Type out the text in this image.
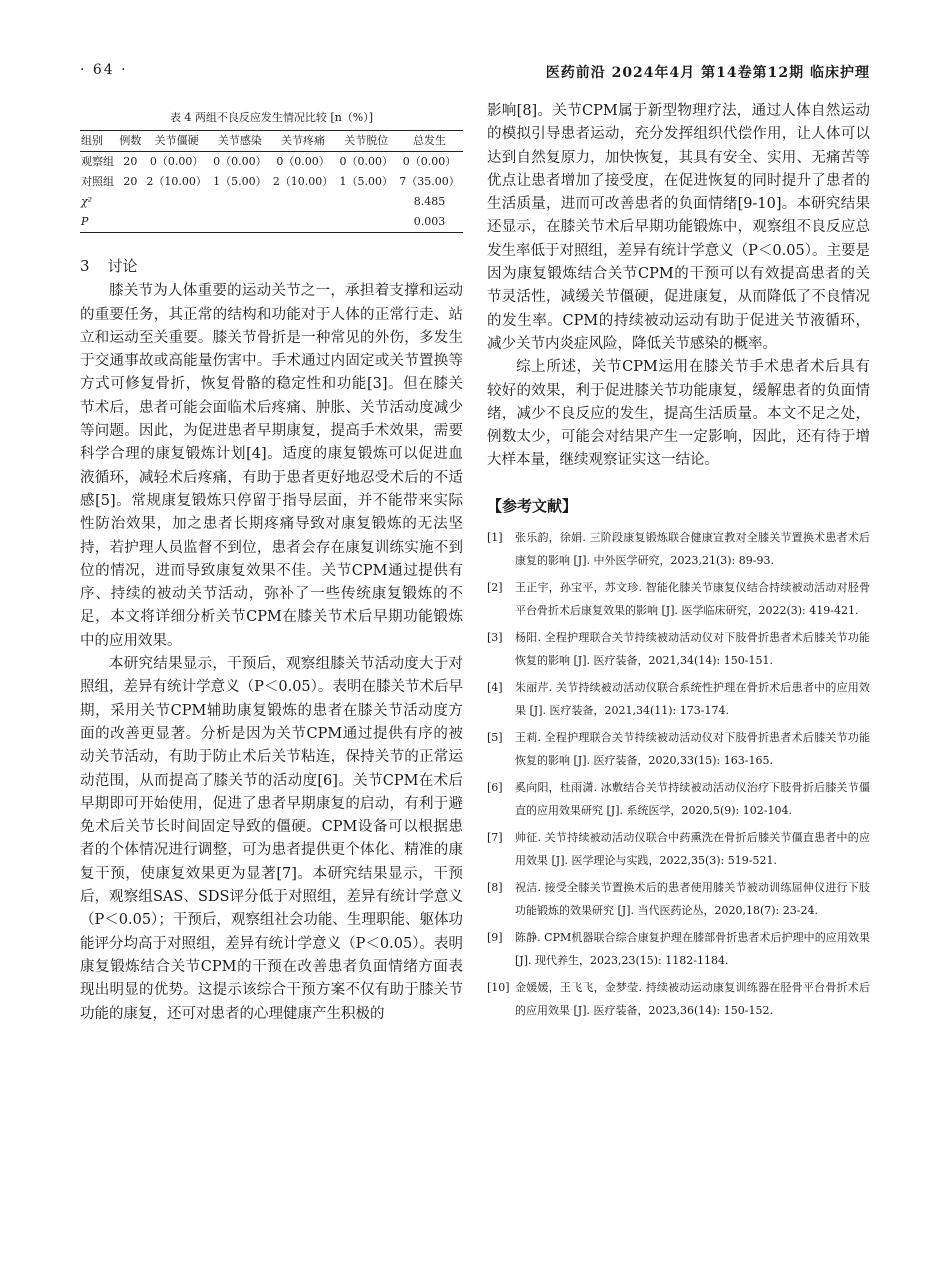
· 64 ·	医药前沿 2024年4月 第14卷第12期 临床护理
表 4 两组不良反应发生情况比较 [n（%）]
组别	例数	关节僵硬	关节感染	关节疼痛	关节脱位	总发生
观察组	20	0（0.00）	0（0.00）	0（0.00）	0（0.00）	0（0.00）
对照组	20	2（10.00）	1（5.00）	2（10.00）	1（5.00）	7（35.00）
χ²						8.485
P						0.003
3 讨论

膝关节为人体重要的运动关节之一，承担着支撑和运动的重要任务，其正常的结构和功能对于人体的正常行走、站立和运动至关重要。膝关节骨折是一种常见的外伤，多发生于交通事故或高能量伤害中。手术通过内固定或关节置换等方式可修复骨折，恢复骨骼的稳定性和功能[3]。但在膝关节术后，患者可能会面临术后疼痛、肿胀、关节活动度减少等问题。因此，为促进患者早期康复，提高手术效果，需要科学合理的康复锻炼计划[4]。适度的康复锻炼可以促进血液循环，减轻术后疼痛，有助于患者更好地忍受术后的不适感[5]。常规康复锻炼只停留于指导层面，并不能带来实际性防治效果，加之患者长期疼痛导致对康复锻炼的无法坚持，若护理人员监督不到位，患者会存在康复训练实施不到位的情况，进而导致康复效果不佳。关节CPM通过提供有序、持续的被动关节活动，弥补了一些传统康复锻炼的不足，本文将详细分析关节CPM在膝关节术后早期功能锻炼中的应用效果。

本研究结果显示，干预后，观察组膝关节活动度大于对照组，差异有统计学意义（P＜0.05）。表明在膝关节术后早期，采用关节CPM辅助康复锻炼的患者在膝关节活动度方面的改善更显著。分析是因为关节CPM通过提供有序的被动关节活动，有助于防止术后关节粘连，保持关节的正常运动范围，从而提高了膝关节的活动度[6]。关节CPM在术后早期即可开始使用，促进了患者早期康复的启动，有利于避免术后关节长时间固定导致的僵硬。CPM设备可以根据患者的个体情况进行调整，可为患者提供更个体化、精准的康复干预，使康复效果更为显著[7]。本研究结果显示，干预后，观察组SAS、SDS评分低于对照组，差异有统计学意义（P＜0.05）；干预后，观察组社会功能、生理职能、躯体功能评分均高于对照组，差异有统计学意义（P＜0.05）。表明康复锻炼结合关节CPM的干预在改善患者负面情绪方面表现出明显的优势。这提示该综合干预方案不仅有助于膝关节功能的康复，还可对患者的心理健康产生积极的

影响[8]。关节CPM属于新型物理疗法，通过人体自然运动的模拟引导患者运动，充分发挥组织代偿作用，让人体可以达到自然复原力，加快恢复，其具有安全、实用、无痛苦等优点让患者增加了接受度，在促进恢复的同时提升了患者的生活质量，进而可改善患者的负面情绪[9-10]。本研究结果还显示，在膝关节术后早期功能锻炼中，观察组不良反应总发生率低于对照组，差异有统计学意义（P＜0.05）。主要是因为康复锻炼结合关节CPM的干预可以有效提高患者的关节灵活性，减缓关节僵硬，促进康复，从而降低了不良情况的发生率。CPM的持续被动运动有助于促进关节液循环，减少关节内炎症风险，降低关节感染的概率。

综上所述，关节CPM运用在膝关节手术患者术后具有较好的效果，利于促进膝关节功能康复，缓解患者的负面情绪，减少不良反应的发生，提高生活质量。本文不足之处，例数太少，可能会对结果产生一定影响，因此，还有待于增大样本量，继续观察证实这一结论。

【参考文献】
[1]	张乐韵，徐娟. 三阶段康复锻炼联合健康宣教对全膝关节置换术患者术后康复的影响 [J]. 中外医学研究，2023,21(3): 89-93.
[2]	王正宇，孙宝平，苏文珍. 智能化膝关节康复仪结合持续被动活动对胫骨平台骨折术后康复效果的影响 [J]. 医学临床研究，2022(3): 419-421.
[3]	杨阳. 全程护理联合关节持续被动活动仪对下肢骨折患者术后膝关节功能恢复的影响 [J]. 医疗装备，2021,34(14): 150-151.
[4]	朱丽芹. 关节持续被动活动仪联合系统性护理在骨折术后患者中的应用效果 [J]. 医疗装备，2021,34(11): 173-174.
[5]	王莉. 全程护理联合关节持续被动活动仪对下肢骨折患者术后膝关节功能恢复的影响 [J]. 医疗装备，2020,33(15): 163-165.
[6]	奚向阳，杜雨潇. 冰敷结合关节持续被动活动仪治疗下肢骨折后膝关节僵直的应用效果研究 [J]. 系统医学，2020,5(9): 102-104.
[7]	帅征. 关节持续被动活动仪联合中药熏洗在骨折后膝关节僵直患者中的应用效果 [J]. 医学理论与实践，2022,35(3): 519-521.
[8]	祝洁. 接受全膝关节置换术后的患者使用膝关节被动训练屈伸仪进行下肢功能锻炼的效果研究 [J]. 当代医药论丛，2020,18(7): 23-24.
[9]	陈静. CPM机器联合综合康复护理在膝部骨折患者术后护理中的应用效果 [J]. 现代养生，2023,23(15): 1182-1184.
[10] 金媛媛，王飞飞，金梦莹. 持续被动运动康复训练器在胫骨平台骨折术后的应用效果 [J]. 医疗装备，2023,36(14): 150-152.
